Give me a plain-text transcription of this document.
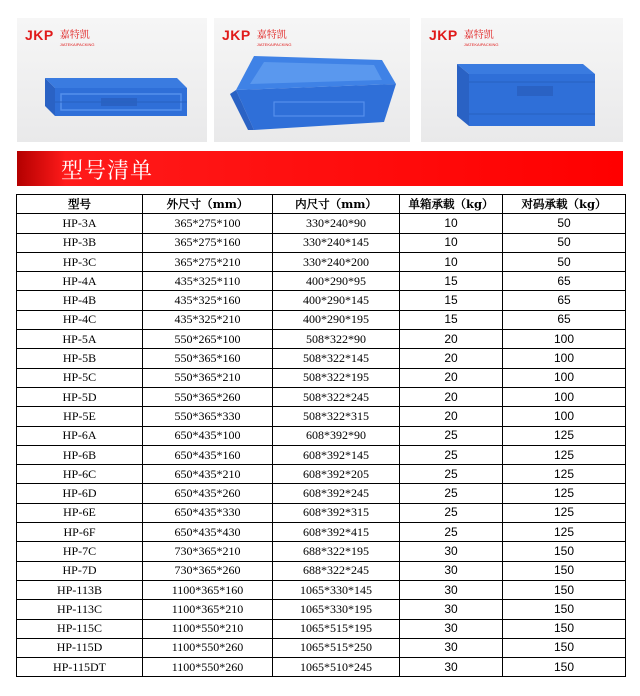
JKP 嘉特凯
JIATEKAIPACKING
JKP 嘉特凯
JIATEKAIPACKING
JKP 嘉特凯
JIATEKAIPACKING
型号清单
型号	外尺寸（mm）	内尺寸（mm）	单箱承载（kg）	对码承载（kg）
HP-3A	365*275*100	330*240*90	10	50
HP-3B	365*275*160	330*240*145	10	50
HP-3C	365*275*210	330*240*200	10	50
HP-4A	435*325*110	400*290*95	15	65
HP-4B	435*325*160	400*290*145	15	65
HP-4C	435*325*210	400*290*195	15	65
HP-5A	550*265*100	508*322*90	20	100
HP-5B	550*365*160	508*322*145	20	100
HP-5C	550*365*210	508*322*195	20	100
HP-5D	550*365*260	508*322*245	20	100
HP-5E	550*365*330	508*322*315	20	100
HP-6A	650*435*100	608*392*90	25	125
HP-6B	650*435*160	608*392*145	25	125
HP-6C	650*435*210	608*392*205	25	125
HP-6D	650*435*260	608*392*245	25	125
HP-6E	650*435*330	608*392*315	25	125
HP-6F	650*435*430	608*392*415	25	125
HP-7C	730*365*210	688*322*195	30	150
HP-7D	730*365*260	688*322*245	30	150
HP-113B	1100*365*160	1065*330*145	30	150
HP-113C	1100*365*210	1065*330*195	30	150
HP-115C	1100*550*210	1065*515*195	30	150
HP-115D	1100*550*260	1065*515*250	30	150
HP-115DT	1100*550*260	1065*510*245	30	150
